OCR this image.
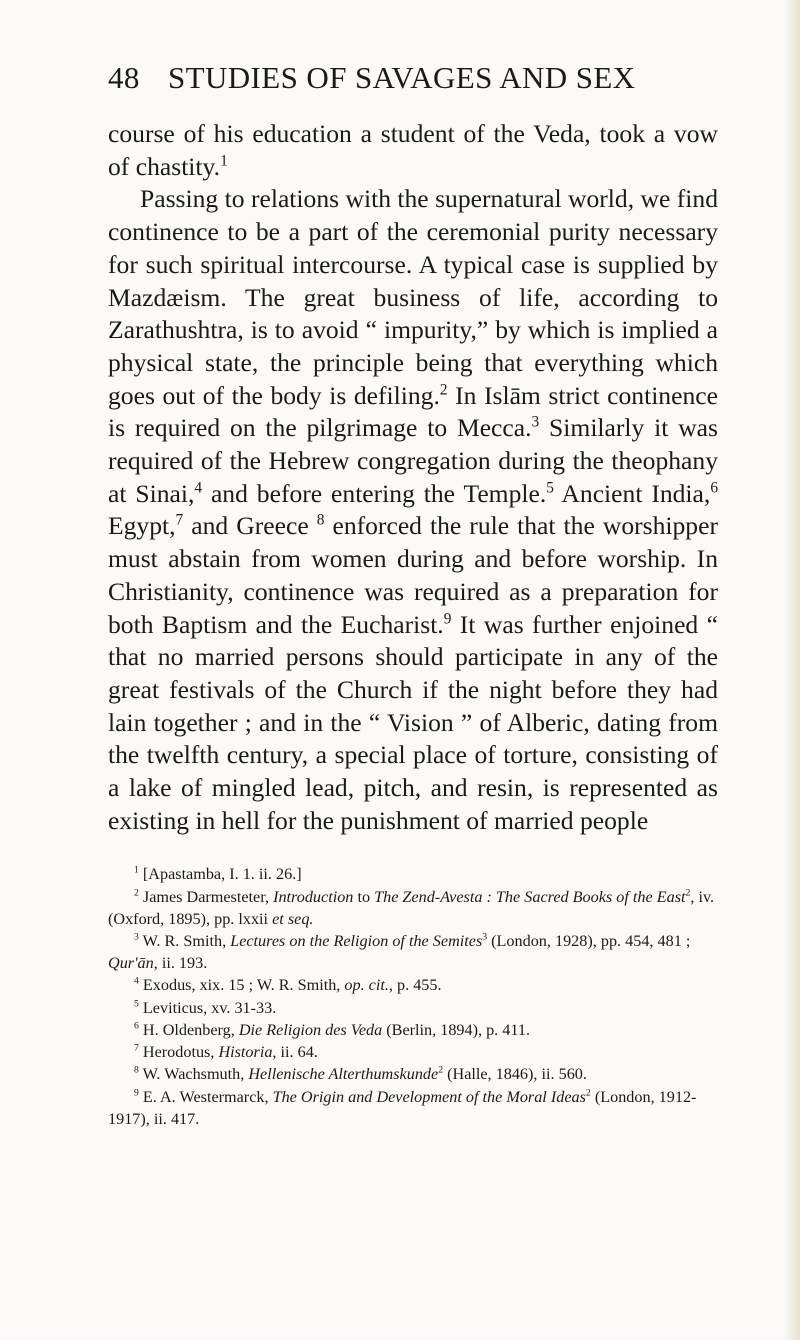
48 STUDIES OF SAVAGES AND SEX

course of his education a student of the Veda, took a vow of chastity.$^1$

Passing to relations with the supernatural world, we find continence to be a part of the ceremonial purity necessary for such spiritual intercourse. A typical case is supplied by Mazdæism. The great business of life, according to Zarathushtra, is to avoid “ impurity,” by which is implied a physical state, the principle being that everything which goes out of the body is defiling.$^2$ In Islām strict continence is required on the pilgrimage to Mecca.$^3$ Similarly it was required of the Hebrew congregation during the theophany at Sinai,$^4$ and before entering the Temple.$^5$ Ancient India,$^6$ Egypt,$^7$ and Greece $^8$ enforced the rule that the worshipper must abstain from women during and before worship. In Christianity, continence was required as a preparation for both Baptism and the Eucharist.$^9$ It was further enjoined “ that no married persons should participate in any of the great festivals of the Church if the night before they had lain together ; and in the “ Vision ” of Alberic, dating from the twelfth century, a special place of torture, consisting of a lake of mingled lead, pitch, and resin, is represented as existing in hell for the punishment of married people

$^1$ [Apastamba, I. 1. ii. 26.]

$^2$ James Darmesteter, Introduction to The Zend-Avesta : The Sacred Books of the East$^2$, iv. (Oxford, 1895), pp. lxxii et seq.

$^3$ W. R. Smith, Lectures on the Religion of the Semites$^3$ (London, 1928), pp. 454, 481 ; Qur'ān, ii. 193.

$^4$ Exodus, xix. 15 ; W. R. Smith, op. cit., p. 455.

$^5$ Leviticus, xv. 31-33.

$^6$ H. Oldenberg, Die Religion des Veda (Berlin, 1894), p. 411.

$^7$ Herodotus, Historia, ii. 64.

$^8$ W. Wachsmuth, Hellenische Alterthumskunde$^2$ (Halle, 1846), ii. 560.

$^9$ E. A. Westermarck, The Origin and Development of the Moral Ideas$^2$ (London, 1912-1917), ii. 417.
